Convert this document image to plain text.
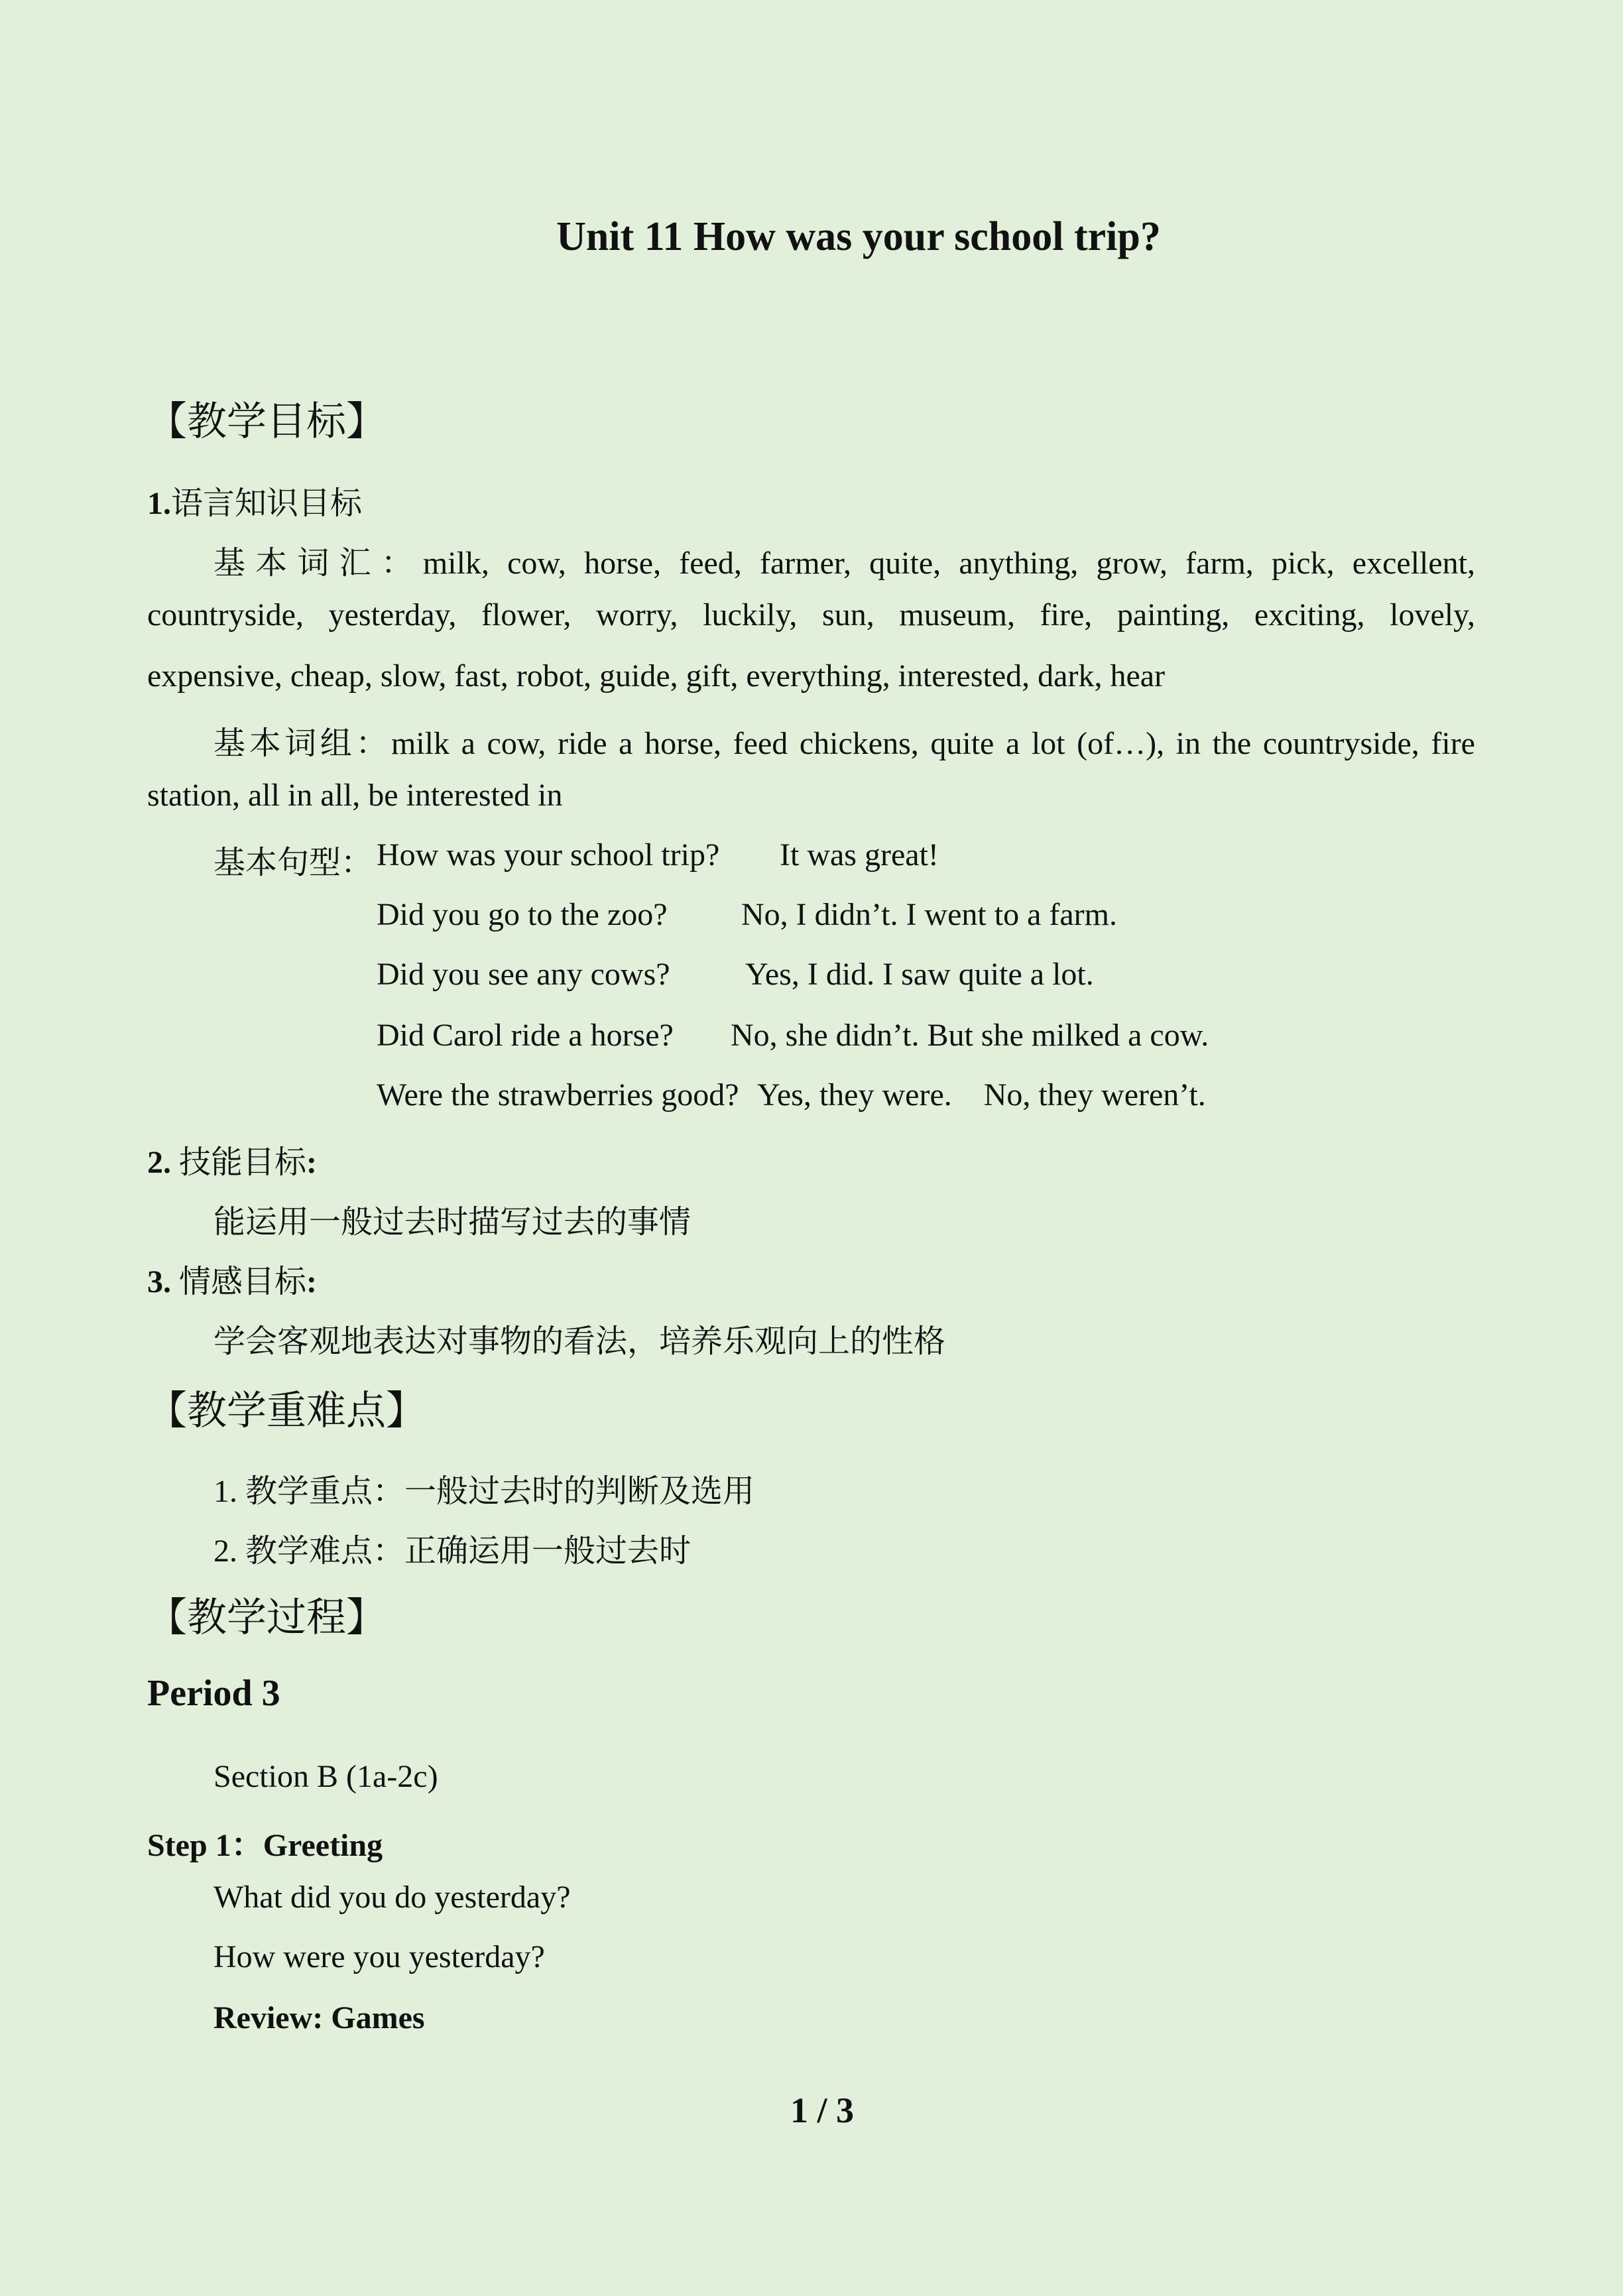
Unit 11 How was your school trip?
【教学目标】
1.语言知识目标
基本词汇：milk, cow, horse, feed, farmer, quite, anything, grow, farm, pick, excellent,
countryside, yesterday, flower, worry, luckily, sun, museum, fire, painting, exciting, lovely,
expensive, cheap, slow, fast, robot, guide, gift, everything, interested, dark, hear
基本词组：milk a cow, ride a horse, feed chickens, quite a lot (of…), in the countryside, fire
station, all in all, be interested in
基本句型： How was your school trip? It was great!
Did you go to the zoo? No, I didn’t. I went to a farm.
Did you see any cows? Yes, I did. I saw quite a lot.
Did Carol ride a horse? No, she didn’t. But she milked a cow.
Were the strawberries good? Yes, they were.    No, they weren’t.
2. 技能目标:
能运用一般过去时描写过去的事情
3. 情感目标:
学会客观地表达对事物的看法，培养乐观向上的性格
【教学重难点】
1. 教学重点：一般过去时的判断及选用
2. 教学难点：正确运用一般过去时
【教学过程】
Period 3
Section B (1a-2c)
Step 1：Greeting
What did you do yesterday?
How were you yesterday?
Review: Games
1 / 3
